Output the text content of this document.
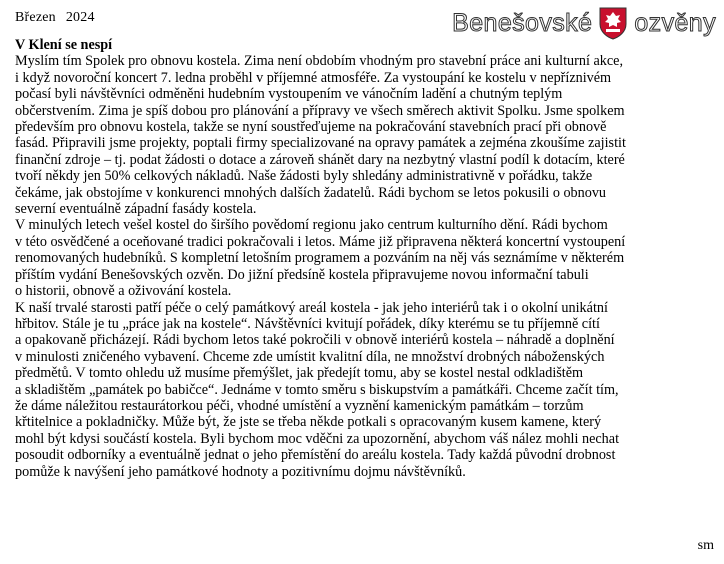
Březen 2024	Benešovské ozvěny
V Klení se nespí
Myslím tím Spolek pro obnovu kostela. Zima není obdobím vhodným pro stavební práce ani kulturní akce,
i když novoroční koncert 7. ledna proběhl v příjemné atmosféře. Za vystoupání ke kostelu v nepříznivém
počasí byli návštěvníci odměněni hudebním vystoupením ve vánočním ladění a chutným teplým
občerstvením. Zima je spíš dobou pro plánování a přípravy ve všech směrech aktivit Spolku. Jsme spolkem
především pro obnovu kostela, takže se nyní soustřeďujeme na pokračování stavebních prací při obnově
fasád. Připravili jsme projekty, poptali firmy specializované na opravy památek a zejména zkoušíme zajistit
finanční zdroje – tj. podat žádosti o dotace a zároveň shánět dary na nezbytný vlastní podíl k dotacím, které
tvoří někdy jen 50% celkových nákladů. Naše žádosti byly shledány administrativně v pořádku, takže
čekáme, jak obstojíme v konkurenci mnohých dalších žadatelů. Rádi bychom se letos pokusili o obnovu
severní eventuálně západní fasády kostela.
V minulých letech vešel kostel do širšího povědomí regionu jako centrum kulturního dění. Rádi bychom
v této osvědčené a oceňované tradici pokračovali i letos. Máme již připravena některá koncertní vystoupení
renomovaných hudebníků. S kompletní letošním programem a pozváním na něj vás seznámíme v některém
příštím vydání Benešovských ozvěn. Do jižní předsíně kostela připravujeme novou informační tabuli
o historii, obnově a oživování kostela.
K naší trvalé starosti patří péče o celý památkový areál kostela - jak jeho interiérů tak i o okolní unikátní
hřbitov. Stále je tu „práce jak na kostele“. Návštěvníci kvitují pořádek, díky kterému se tu příjemně cítí
a opakovaně přicházejí. Rádi bychom letos také pokročili v obnově interiérů kostela – náhradě a doplnění
v minulosti zničeného vybavení. Chceme zde umístit kvalitní díla, ne množství drobných náboženských
předmětů. V tomto ohledu už musíme přemýšlet, jak předejít tomu, aby se kostel nestal odkladištěm
a skladištěm „památek po babičce“. Jednáme v tomto směru s biskupstvím a památkáři. Chceme začít tím,
že dáme náležitou restaurátorkou péči, vhodné umístění a vyznění kamenickým památkám – torzům
křtitelnice a pokladničky. Může být, že jste se třeba někde potkali s opracovaným kusem kamene, který
mohl být kdysi součástí kostela. Byli bychom moc vděčni za upozornění, abychom váš nález mohli nechat
posoudit odborníky a eventuálně jednat o jeho přemístění do areálu kostela. Tady každá původní drobnost
pomůže k navýšení jeho památkové hodnoty a pozitivnímu dojmu návštěvníků.
sm
